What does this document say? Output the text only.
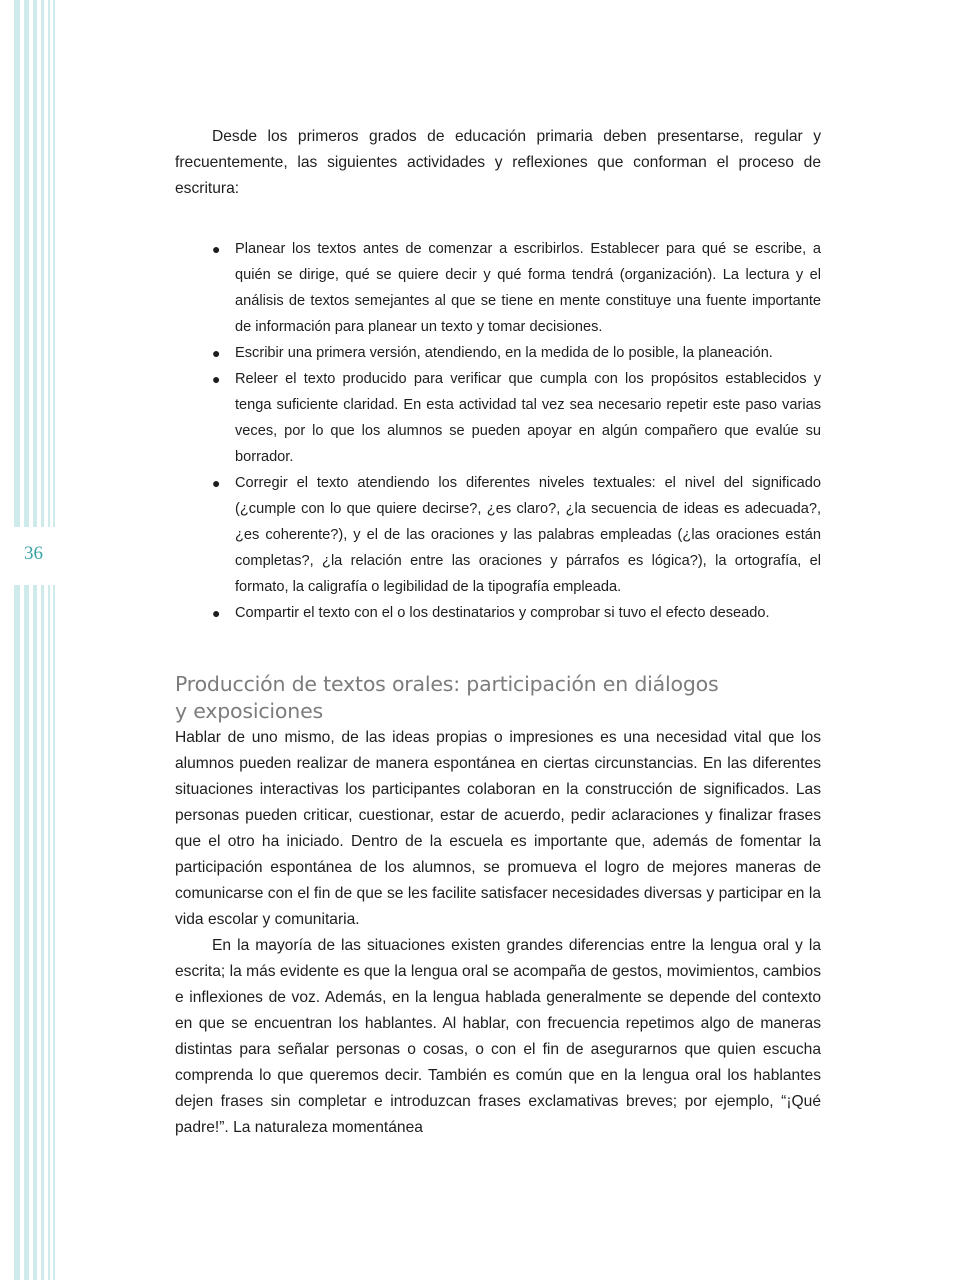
36

Desde los primeros grados de educación primaria deben presentarse, regular y frecuentemente, las siguientes actividades y reflexiones que conforman el proceso de escritura:

● Planear los textos antes de comenzar a escribirlos. Establecer para qué se escribe, a quién se dirige, qué se quiere decir y qué forma tendrá (organización). La lectura y el análisis de textos semejantes al que se tiene en mente constituye una fuente importante de información para planear un texto y tomar decisiones.
● Escribir una primera versión, atendiendo, en la medida de lo posible, la planeación.
● Releer el texto producido para verificar que cumpla con los propósitos establecidos y tenga suficiente claridad. En esta actividad tal vez sea necesario repetir este paso varias veces, por lo que los alumnos se pueden apoyar en algún compañero que evalúe su borrador.
● Corregir el texto atendiendo los diferentes niveles textuales: el nivel del significado (¿cumple con lo que quiere decirse?, ¿es claro?, ¿la secuencia de ideas es adecuada?, ¿es coherente?), y el de las oraciones y las palabras empleadas (¿las oraciones están completas?, ¿la relación entre las oraciones y párrafos es lógica?), la ortografía, el formato, la caligrafía o legibilidad de la tipografía empleada.
● Compartir el texto con el o los destinatarios y comprobar si tuvo el efecto deseado.
Producción de textos orales: participación en diálogos y exposiciones

Hablar de uno mismo, de las ideas propias o impresiones es una necesidad vital que los alumnos pueden realizar de manera espontánea en ciertas circunstancias. En las diferentes situaciones interactivas los participantes colaboran en la construcción de significados. Las personas pueden criticar, cuestionar, estar de acuerdo, pedir aclaraciones y finalizar frases que el otro ha iniciado. Dentro de la escuela es importante que, además de fomentar la participación espontánea de los alumnos, se promueva el logro de mejores maneras de comunicarse con el fin de que se les facilite satisfacer necesidades diversas y participar en la vida escolar y comunitaria.

En la mayoría de las situaciones existen grandes diferencias entre la lengua oral y la escrita; la más evidente es que la lengua oral se acompaña de gestos, movimientos, cambios e inflexiones de voz. Además, en la lengua hablada generalmente se depende del contexto en que se encuentran los hablantes. Al hablar, con frecuencia repetimos algo de maneras distintas para señalar personas o cosas, o con el fin de asegurarnos que quien escucha comprenda lo que queremos decir. También es común que en la lengua oral los hablantes dejen frases sin completar e introduzcan frases exclamativas breves; por ejemplo, “¡Qué padre!”. La naturaleza momentánea
